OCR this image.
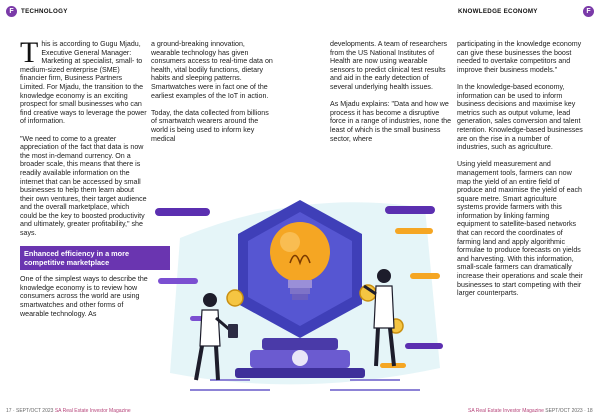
F	TECHNOLOGY	KNOWLEDGE ECONOMY	F

This is according to Gugu Mjadu, Executive General Manager: Marketing at specialist, small- to medium-sized enterprise (SME) financier firm, Business Partners Limited. For Mjadu, the transition to the knowledge economy is an exciting prospect for small businesses who can find creative ways to leverage the power of information.

"We need to come to a greater appreciation of the fact that data is now the most in-demand currency. On a broader scale, this means that there is readily available information on the internet that can be accessed by small businesses to help them learn about their own ventures, their target audience and the overall marketplace, which could be the key to boosted productivity and ultimately, greater profitability," she says.

Enhanced efficiency in a more competitive marketplace

One of the simplest ways to describe the knowledge economy is to review how consumers across the world are using smartwatches and other forms of wearable technology. As

a ground-breaking innovation, wearable technology has given consumers access to real-time data on health, vital bodily functions, dietary habits and sleeping patterns. Smartwatches were in fact one of the earliest examples of the IoT in action.

Today, the data collected from billions of smartwatch wearers around the world is being used to inform key medical

developments. A team of researchers from the US National Institutes of Health are now using wearable sensors to predict clinical test results and aid in the early detection of several underlying health issues.

As Mjadu explains: "Data and how we process it has become a disruptive force in a range of industries, none the least of which is the small business sector, where

participating in the knowledge economy can give these businesses the boost needed to overtake competitors and improve their business models."

In the knowledge-based economy, information can be used to inform business decisions and maximise key metrics such as output volume, lead generation, sales conversion and talent retention. Knowledge-based businesses are on the rise in a number of industries, such as agriculture.

Using yield measurement and management tools, farmers can now map the yield of an entire field of produce and maximise the yield of each square metre. Smart agriculture systems provide farmers with this information by linking farming equipment to satellite-based networks that can record the coordinates of farming land and apply algorithmic formulae to produce forecasts on yields and harvesting. With this information, small-scale farmers can dramatically increase their operations and scale their businesses to start competing with their larger counterparts.

17 · SEPT/OCT 2023 SA Real Estate Investor Magazine	SA Real Estate Investor Magazine SEPT/OCT 2023 · 18
